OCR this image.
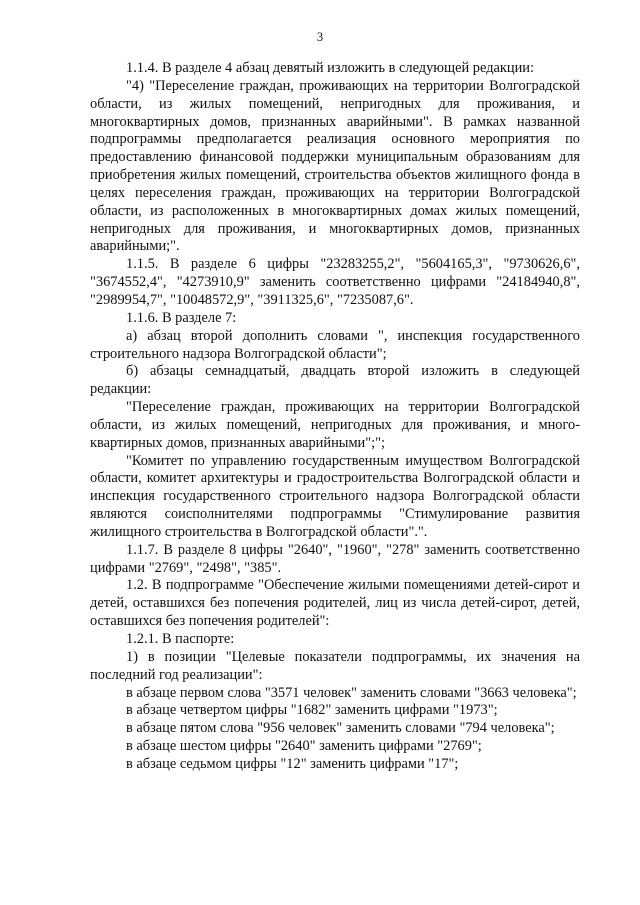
3

1.1.4. В разделе 4 абзац девятый изложить в следующей редакции:

"4) "Переселение граждан, проживающих на территории Волгоградской области, из жилых помещений, непригодных для проживания, и многоквартирных домов, признанных аварийными". В рамках названной подпрограммы предполагается реализация основного мероприятия по предоставлению финансовой поддержки муниципальным образованиям для приобретения жилых помещений, строительства объектов жилищного фонда в целях переселения граждан, проживающих на территории Волгоградской области, из расположенных в многоквартирных домах жилых помещений, непригодных для проживания, и многоквартирных домов, признанных аварийными;".

1.1.5. В разделе 6 цифры "23283255,2", "5604165,3", "9730626,6", "3674552,4", "4273910,9" заменить соответственно цифрами "24184940,8", "2989954,7", "10048572,9", "3911325,6", "7235087,6".

1.1.6. В разделе 7:

а) абзац второй дополнить словами ", инспекция государственного строительного надзора Волгоградской области";

б) абзацы семнадцатый, двадцать второй изложить в следующей редакции:

"Переселение граждан, проживающих на территории Волгоградской области, из жилых помещений, непригодных для проживания, и многоквартирных домов, признанных аварийными";";

"Комитет по управлению государственным имуществом Волгоградской области, комитет архитектуры и градостроительства Волгоградской области и инспекция государственного строительного надзора Волгоградской области являются соисполнителями подпрограммы "Стимулирование развития жилищного строительства в Волгоградской области".".

1.1.7. В разделе 8 цифры "2640", "1960", "278" заменить соответственно цифрами "2769", "2498", "385".

1.2. В подпрограмме "Обеспечение жилыми помещениями детей-сирот и детей, оставшихся без попечения родителей, лиц из числа детей-сирот, детей, оставшихся без попечения родителей":

1.2.1. В паспорте:

1) в позиции "Целевые показатели подпрограммы, их значения на последний год реализации":

в абзаце первом слова "3571 человек" заменить словами "3663 человека";

в абзаце четвертом цифры "1682" заменить цифрами "1973";

в абзаце пятом слова "956 человек" заменить словами "794 человека";

в абзаце шестом цифры "2640" заменить цифрами "2769";

в абзаце седьмом цифры "12" заменить цифрами "17";
